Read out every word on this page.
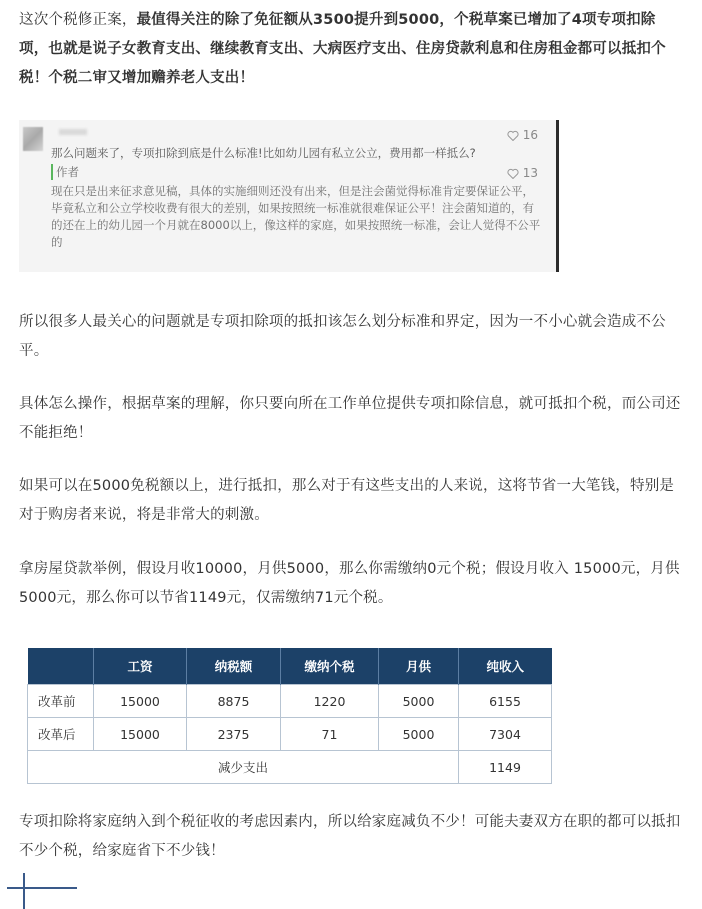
这次个税修正案，最值得关注的除了免征额从3500提升到5000，个税草案已增加了4项专项扣除项，也就是说子女教育支出、继续教育支出、大病医疗支出、住房贷款利息和住房租金都可以抵扣个税！个税二审又增加赡养老人支出！

16
那么问题来了，专项扣除到底是什么标准!比如幼儿园有私立公立，费用都一样抵么?
作者	13
现在只是出来征求意见稿，具体的实施细则还没有出来，但是注会菌觉得标准肯定要保证公平，毕竟私立和公立学校收费有很大的差别，如果按照统一标准就很难保证公平！注会菌知道的，有的还在上的幼儿园一个月就在8000以上，像这样的家庭，如果按照统一标准，会让人觉得不公平的

所以很多人最关心的问题就是专项扣除项的抵扣该怎么划分标准和界定，因为一不小心就会造成不公平。

具体怎么操作，根据草案的理解，你只要向所在工作单位提供专项扣除信息，就可抵扣个税，而公司还不能拒绝！

如果可以在5000免税额以上，进行抵扣，那么对于有这些支出的人来说，这将节省一大笔钱，特别是对于购房者来说，将是非常大的刺激。

拿房屋贷款举例，假设月收10000，月供5000，那么你需缴纳0元个税；假设月收入 15000元，月供5000元，那么你可以节省1149元，仅需缴纳71元个税。

	工资	纳税额	缴纳个税	月供	纯收入
改革前	15000	8875	1220	5000	6155
改革后	15000	2375	71	5000	7304
减少支出					1149

专项扣除将家庭纳入到个税征收的考虑因素内，所以给家庭减负不少！可能夫妻双方在职的都可以抵扣不少个税，给家庭省下不少钱！
